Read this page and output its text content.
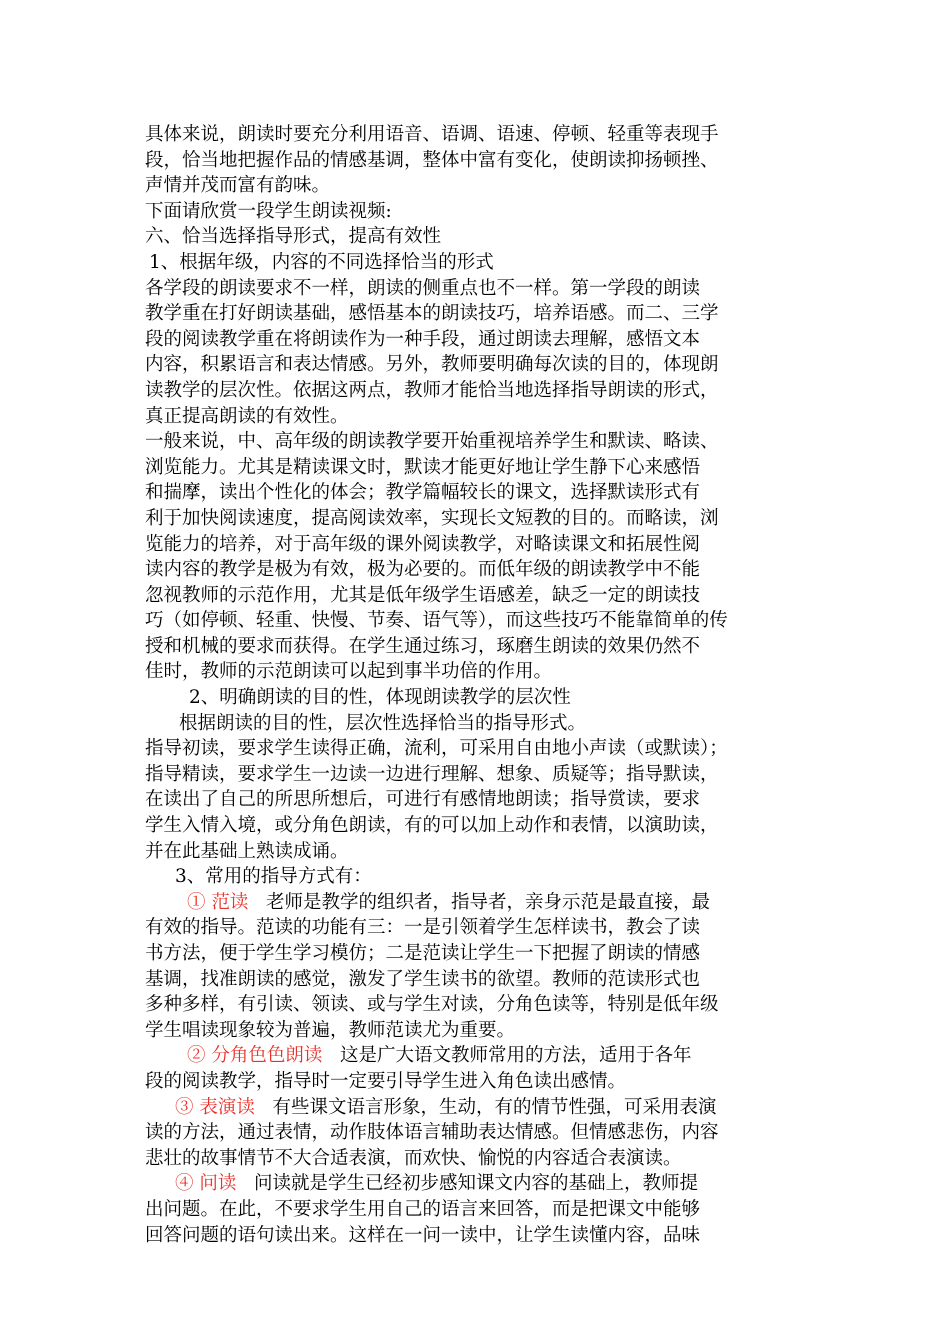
具体来说，朗读时要充分利用语音、语调、语速、停顿、轻重等表现手
段，恰当地把握作品的情感基调，整体中富有变化，使朗读抑扬顿挫、
声情并茂而富有韵味。
下面请欣赏一段学生朗读视频:
六、恰当选择指导形式，提高有效性
1、根据年级，内容的不同选择恰当的形式
各学段的朗读要求不一样，朗读的侧重点也不一样。第一学段的朗读
教学重在打好朗读基础，感悟基本的朗读技巧，培养语感。而二、三学
段的阅读教学重在将朗读作为一种手段，通过朗读去理解，感悟文本
内容，积累语言和表达情感。另外，教师要明确每次读的目的，体现朗
读教学的层次性。依据这两点，教师才能恰当地选择指导朗读的形式，
真正提高朗读的有效性。
一般来说，中、高年级的朗读教学要开始重视培养学生和默读、略读、
浏览能力。尤其是精读课文时，默读才能更好地让学生静下心来感悟
和揣摩，读出个性化的体会；教学篇幅较长的课文，选择默读形式有
利于加快阅读速度，提高阅读效率，实现长文短教的目的。而略读，浏
览能力的培养，对于高年级的课外阅读教学，对略读课文和拓展性阅
读内容的教学是极为有效，极为必要的。而低年级的朗读教学中不能
忽视教师的示范作用，尤其是低年级学生语感差，缺乏一定的朗读技
巧（如停顿、轻重、快慢、节奏、语气等），而这些技巧不能靠简单的传
授和机械的要求而获得。在学生通过练习，琢磨生朗读的效果仍然不
佳时，教师的示范朗读可以起到事半功倍的作用。
2、明确朗读的目的性，体现朗读教学的层次性
根据朗读的目的性，层次性选择恰当的指导形式。
指导初读，要求学生读得正确，流利，可采用自由地小声读（或默读）；
指导精读，要求学生一边读一边进行理解、想象、质疑等；指导默读，
在读出了自己的所思所想后，可进行有感情地朗读；指导赏读，要求
学生入情入境，或分角色朗读，有的可以加上动作和表情，以演助读，
并在此基础上熟读成诵。
3、常用的指导方式有：
① 范读 老师是教学的组织者，指导者，亲身示范是最直接，最
有效的指导。范读的功能有三：一是引领着学生怎样读书，教会了读
书方法，便于学生学习模仿；二是范读让学生一下把握了朗读的情感
基调，找准朗读的感觉，激发了学生读书的欲望。教师的范读形式也
多种多样，有引读、领读、或与学生对读，分角色读等，特别是低年级
学生唱读现象较为普遍，教师范读尤为重要。
② 分角色色朗读 这是广大语文教师常用的方法，适用于各年
段的阅读教学，指导时一定要引导学生进入角色读出感情。
③ 表演读 有些课文语言形象，生动，有的情节性强，可采用表演
读的方法，通过表情，动作肢体语言辅助表达情感。但情感悲伤，内容
悲壮的故事情节不大合适表演，而欢快、愉悦的内容适合表演读。
④ 问读 问读就是学生已经初步感知课文内容的基础上，教师提
出问题。在此，不要求学生用自己的语言来回答，而是把课文中能够
回答问题的语句读出来。这样在一问一读中，让学生读懂内容，品味
